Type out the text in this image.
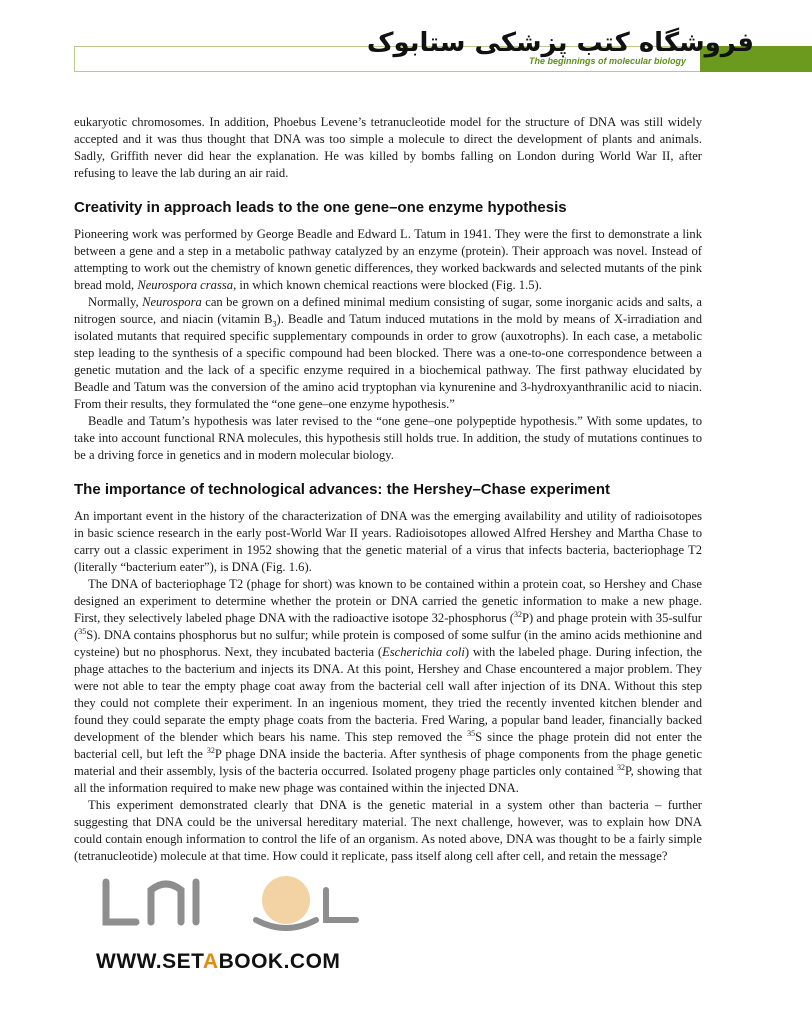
The beginnings of molecular biology
فروشگاه کتب پزشکی ستابوک

eukaryotic chromosomes. In addition, Phoebus Levene’s tetranucleotide model for the structure of DNA was still widely accepted and it was thus thought that DNA was too simple a molecule to direct the development of plants and animals. Sadly, Griffith never did hear the explanation. He was killed by bombs falling on London during World War II, after refusing to leave the lab during an air raid.

Creativity in approach leads to the one gene–one enzyme hypothesis

Pioneering work was performed by George Beadle and Edward L. Tatum in 1941. They were the first to demonstrate a link between a gene and a step in a metabolic pathway catalyzed by an enzyme (protein). Their approach was novel. Instead of attempting to work out the chemistry of known genetic differences, they worked backwards and selected mutants of the pink bread mold, Neurospora crassa, in which known chemical reactions were blocked (Fig. 1.5).

Normally, Neurospora can be grown on a defined minimal medium consisting of sugar, some inorganic acids and salts, a nitrogen source, and niacin (vitamin $B_3$). Beadle and Tatum induced mutations in the mold by means of X-irradiation and isolated mutants that required specific supplementary compounds in order to grow (auxotrophs). In each case, a metabolic step leading to the synthesis of a specific compound had been blocked. There was a one-to-one correspondence between a genetic mutation and the lack of a specific enzyme required in a biochemical pathway. The first pathway elucidated by Beadle and Tatum was the conversion of the amino acid tryptophan via kynurenine and 3-hydroxyanthranilic acid to niacin. From their results, they formulated the “one gene–one enzyme hypothesis.”

Beadle and Tatum’s hypothesis was later revised to the “one gene–one polypeptide hypothesis.” With some updates, to take into account functional RNA molecules, this hypothesis still holds true. In addition, the study of mutations continues to be a driving force in genetics and in modern molecular biology.

The importance of technological advances: the Hershey–Chase experiment

An important event in the history of the characterization of DNA was the emerging availability and utility of radioisotopes in basic science research in the early post-World War II years. Radioisotopes allowed Alfred Hershey and Martha Chase to carry out a classic experiment in 1952 showing that the genetic material of a virus that infects bacteria, bacteriophage T2 (literally “bacterium eater”), is DNA (Fig. 1.6).

The DNA of bacteriophage T2 (phage for short) was known to be contained within a protein coat, so Hershey and Chase designed an experiment to determine whether the protein or DNA carried the genetic information to make a new phage. First, they selectively labeled phage DNA with the radioactive isotope 32-phosphorus ($^{32}$P) and phage protein with 35-sulfur ($^{35}$S). DNA contains phosphorus but no sulfur; while protein is composed of some sulfur (in the amino acids methionine and cysteine) but no phosphorus. Next, they incubated bacteria (Escherichia coli) with the labeled phage. During infection, the phage attaches to the bacterium and injects its DNA. At this point, Hershey and Chase encountered a major problem. They were not able to tear the empty phage coat away from the bacterial cell wall after injection of its DNA. Without this step they could not complete their experiment. In an ingenious moment, they tried the recently invented kitchen blender and found they could separate the empty phage coats from the bacteria. Fred Waring, a popular band leader, financially backed development of the blender which bears his name. This step removed the $^{35}$S since the phage protein did not enter the bacterial cell, but left the $^{32}$P phage DNA inside the bacteria. After synthesis of phage components from the phage genetic material and their assembly, lysis of the bacteria occurred. Isolated progeny phage particles only contained $^{32}$P, showing that all the information required to make new phage was contained within the injected DNA.

This experiment demonstrated clearly that DNA is the genetic material in a system other than bacteria – further suggesting that DNA could be the universal hereditary material. The next challenge, however, was to explain how DNA could contain enough information to control the life of an organism. As noted above, DNA was thought to be a fairly simple (tetranucleotide) molecule at that time. How could it replicate, pass itself along cell after cell, and retain the message?

WWW.SETABOOK.COM
